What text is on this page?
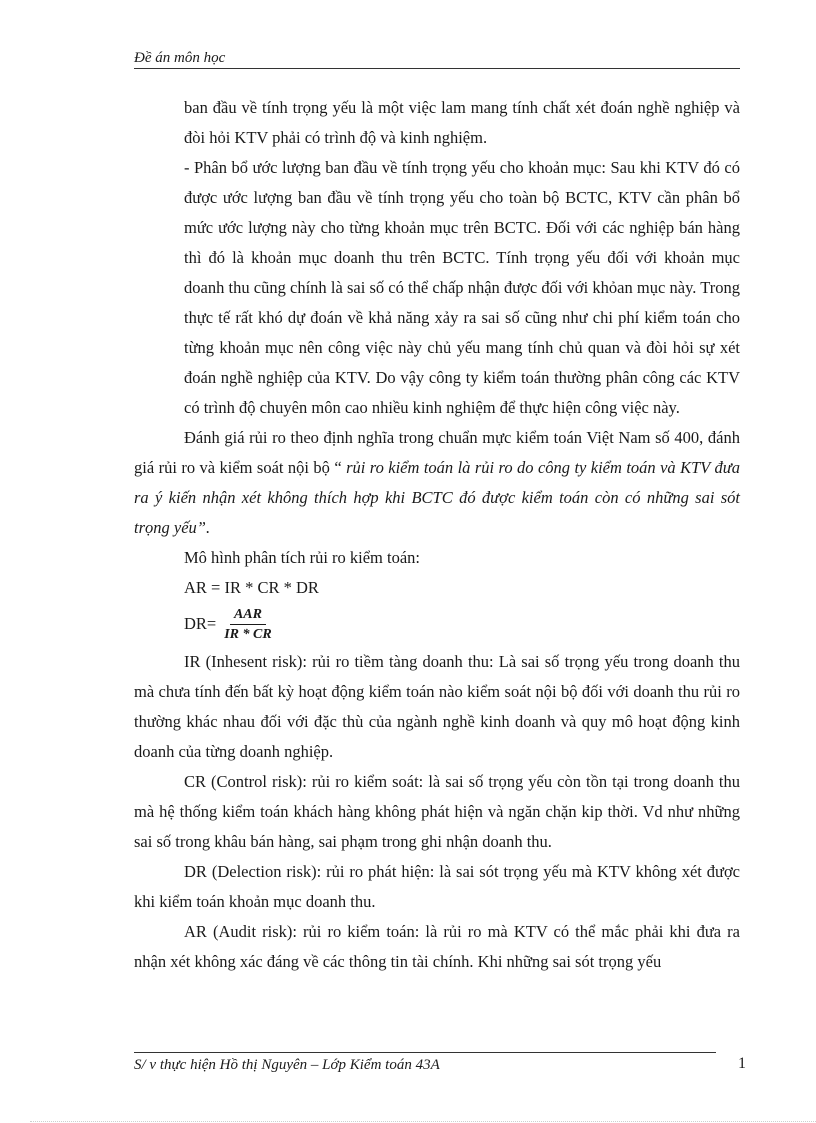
Đề án môn học

ban đầu về tính trọng yếu là một việc lam mang tính chất xét đoán nghề nghiệp và đòi hỏi KTV phải có trình độ và kinh nghiệm.

- Phân bổ ước lượng ban đầu về tính trọng yếu cho khoản mục: Sau khi KTV đó có được ước lượng ban đầu về tính trọng yếu cho toàn bộ BCTC, KTV cần phân bổ mức ước lượng này cho từng khoản mục trên BCTC. Đối với các nghiệp bán hàng thì đó là khoản mục doanh thu trên BCTC. Tính trọng yếu đối với khoản mục doanh thu cũng chính là sai số có thể chấp nhận được đối với khỏan mục này. Trong thực tế rất khó dự đoán về khả năng xảy ra sai số cũng như chi phí kiểm toán cho từng khoản mục nên công việc này chủ yếu mang tính chủ quan và đòi hỏi sự xét đoán nghề nghiệp của KTV. Do vậy công ty kiểm toán thường phân công các KTV có trình độ chuyên môn cao nhiều kinh nghiệm để thực hiện công việc này.

Đánh giá rủi ro theo định nghĩa trong chuẩn mực kiểm toán Việt Nam số 400, đánh giá rủi ro và kiểm soát nội bộ “ rủi ro kiểm toán là rủi ro do công ty kiểm toán và KTV đưa ra ý kiến nhận xét không thích hợp khi BCTC đó được kiểm toán còn có những sai sót trọng yếu”.

Mô hình phân tích rủi ro kiểm toán:

AR = IR * CR * DR

$DR= \frac{\text{AAR}}{IR * CR}$

IR (Inhesent risk): rủi ro tiềm tàng doanh thu: Là sai số trọng yếu trong doanh thu mà chưa tính đến bất kỳ hoạt động kiểm toán nào kiểm soát nội bộ đối với doanh thu rủi ro thường khác nhau đối với đặc thù của ngành nghề kinh doanh và quy mô hoạt động kinh doanh của từng doanh nghiệp.

CR (Control risk): rủi ro kiểm soát: là sai số trọng yếu còn tồn tại trong doanh thu mà hệ thống kiểm toán khách hàng không phát hiện và ngăn chặn kip thời. Vd như những sai số trong khâu bán hàng, sai phạm trong ghi nhận doanh thu.

DR (Delection risk): rủi ro phát hiện: là sai sót trọng yếu mà KTV không xét được khi kiểm toán khoản mục doanh thu.

AR (Audit risk): rủi ro kiểm toán: là rủi ro mà KTV có thể mắc phải khi đưa ra nhận xét không xác đáng về các thông tin tài chính. Khi những sai sót trọng yếu

S/ v thực hiện Hồ thị Nguyên – Lớp Kiểm toán 43A	1
